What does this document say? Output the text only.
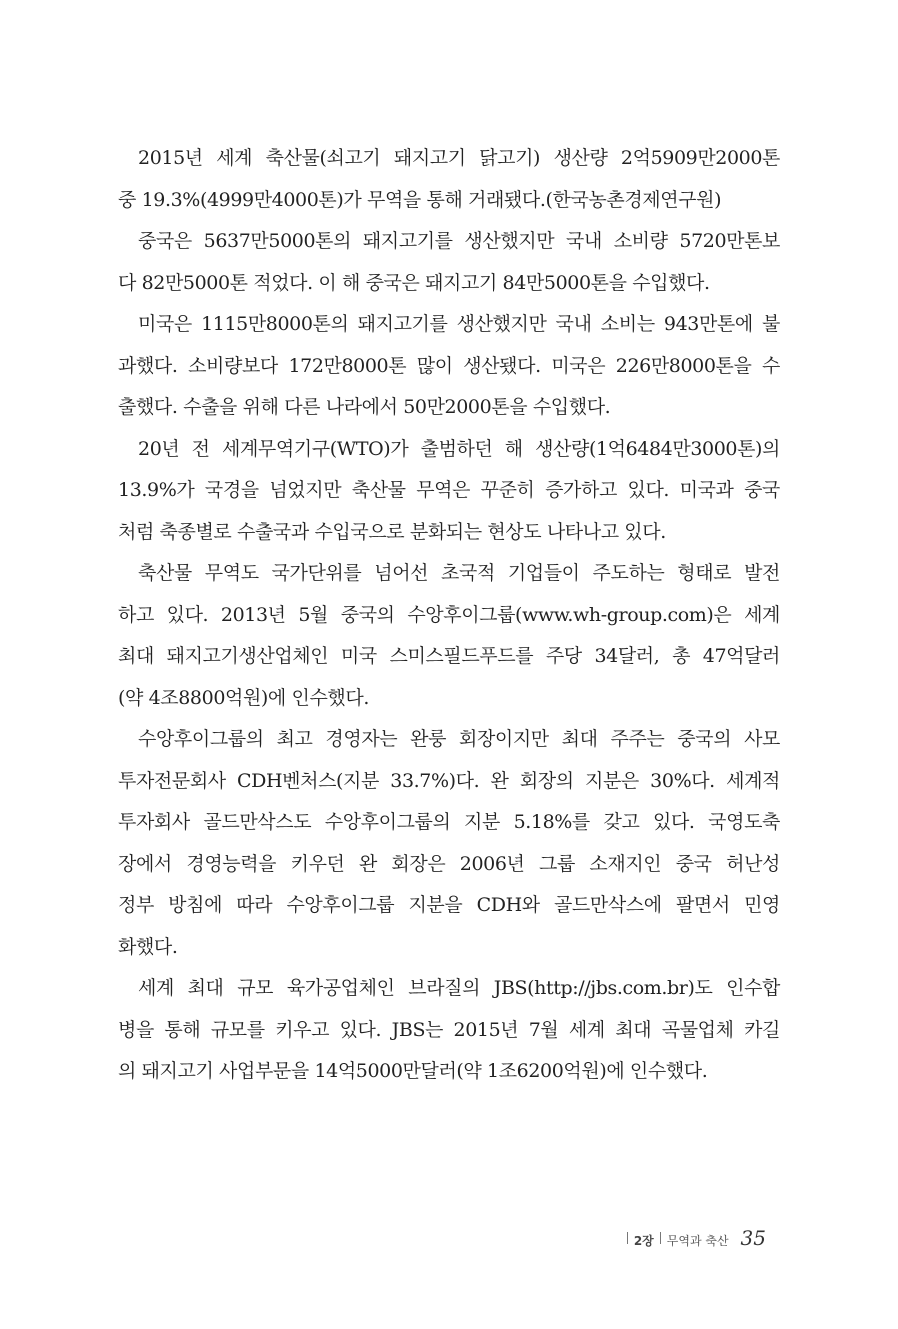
2015년 세계 축산물(쇠고기 돼지고기 닭고기) 생산량 2억5909만2000톤
중 19.3%(4999만4000톤)가 무역을 통해 거래됐다.(한국농촌경제연구원)
중국은 5637만5000톤의 돼지고기를 생산했지만 국내 소비량 5720만톤보
다 82만5000톤 적었다. 이 해 중국은 돼지고기 84만5000톤을 수입했다.
미국은 1115만8000톤의 돼지고기를 생산했지만 국내 소비는 943만톤에 불
과했다. 소비량보다 172만8000톤 많이 생산됐다. 미국은 226만8000톤을 수
출했다. 수출을 위해 다른 나라에서 50만2000톤을 수입했다.
20년 전 세계무역기구(WTO)가 출범하던 해 생산량(1억6484만3000톤)의
13.9%가 국경을 넘었지만 축산물 무역은 꾸준히 증가하고 있다. 미국과 중국
처럼 축종별로 수출국과 수입국으로 분화되는 현상도 나타나고 있다.
축산물 무역도 국가단위를 넘어선 초국적 기업들이 주도하는 형태로 발전
하고 있다. 2013년 5월 중국의 수앙후이그룹(www.wh-group.com)은 세계
최대 돼지고기생산업체인 미국 스미스필드푸드를 주당 34달러, 총 47억달러
(약 4조8800억원)에 인수했다.
수앙후이그룹의 최고 경영자는 완룽 회장이지만 최대 주주는 중국의 사모
투자전문회사 CDH벤처스(지분 33.7%)다. 완 회장의 지분은 30%다. 세계적
투자회사 골드만삭스도 수앙후이그룹의 지분 5.18%를 갖고 있다. 국영도축
장에서 경영능력을 키우던 완 회장은 2006년 그룹 소재지인 중국 허난성
정부 방침에 따라 수앙후이그룹 지분을 CDH와 골드만삭스에 팔면서 민영
화했다.
세계 최대 규모 육가공업체인 브라질의 JBS(http://jbs.com.br)도 인수합
병을 통해 규모를 키우고 있다. JBS는 2015년 7월 세계 최대 곡물업체 카길
의 돼지고기 사업부문을 14억5000만달러(약 1조6200억원)에 인수했다.
2장 무역과 축산 35
